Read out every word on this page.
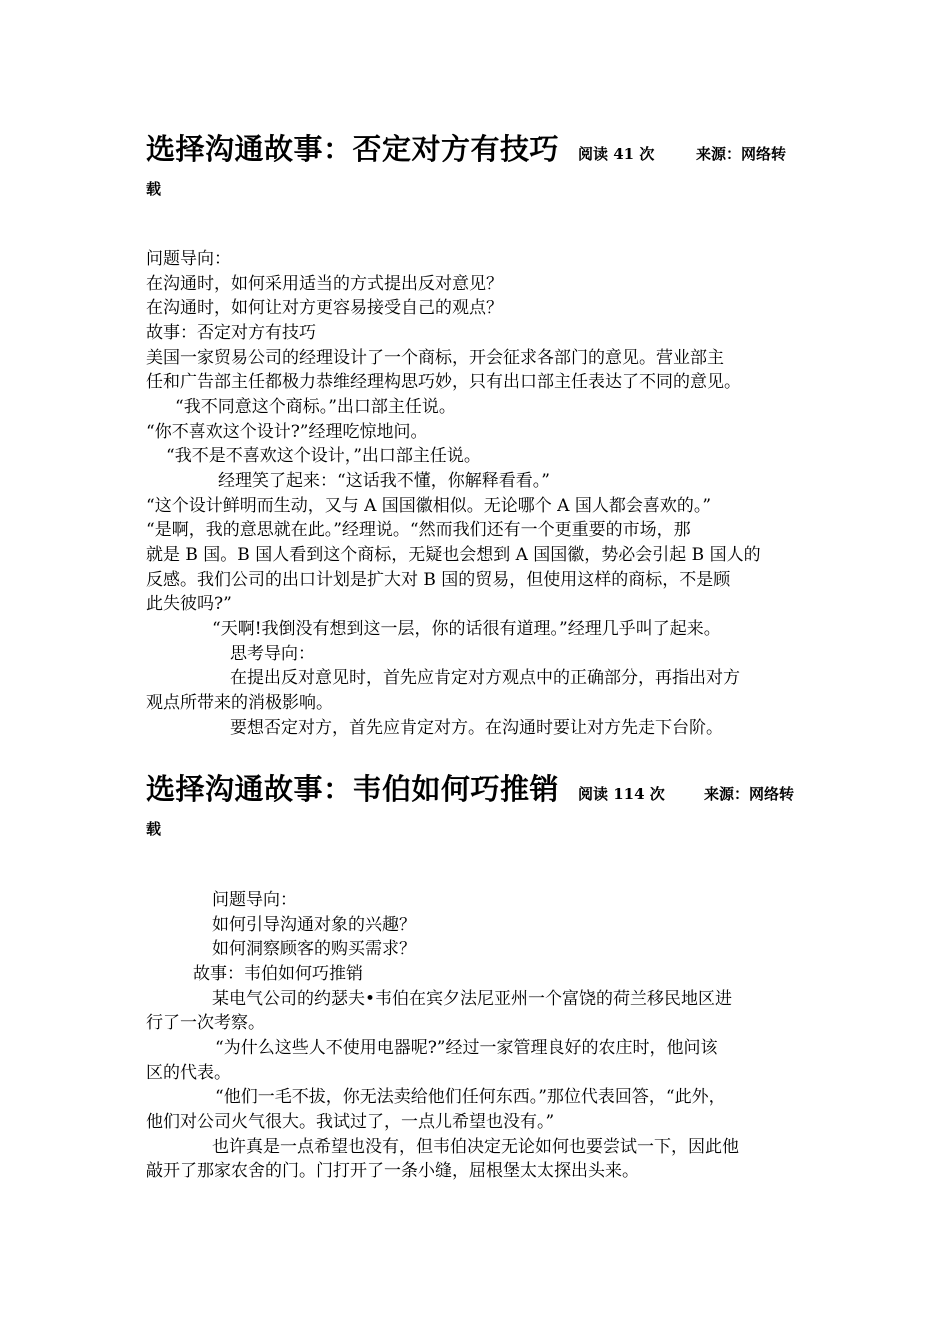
选择沟通故事：否定对方有技巧 阅读 41 次	来源：网络转
载

问题导向：

在沟通时，如何采用适当的方式提出反对意见？

在沟通时，如何让对方更容易接受自己的观点？

故事：否定对方有技巧

美国一家贸易公司的经理设计了一个商标，开会征求各部门的意见。营业部主

任和广告部主任都极力恭维经理构思巧妙，只有出口部主任表达了不同的意见。

“我不同意这个商标。”出口部主任说。

“你不喜欢这个设计?”经理吃惊地问。

“我不是不喜欢这个设计，”出口部主任说。

经理笑了起来：“这话我不懂，你解释看看。”

“这个设计鲜明而生动，又与 A 国国徽相似。无论哪个 A 国人都会喜欢的。”

“是啊，我的意思就在此。”经理说。“然而我们还有一个更重要的市场，那

就是 B 国。B 国人看到这个商标，无疑也会想到 A 国国徽，势必会引起 B 国人的

反感。我们公司的出口计划是扩大对 B 国的贸易，但使用这样的商标，不是顾

此失彼吗?”

“天啊!我倒没有想到这一层，你的话很有道理。”经理几乎叫了起来。

思考导向：

在提出反对意见时，首先应肯定对方观点中的正确部分，再指出对方

观点所带来的消极影响。

要想否定对方，首先应肯定对方。在沟通时要让对方先走下台阶。

选择沟通故事：韦伯如何巧推销 阅读 114 次	来源：网络转
载

问题导向：

如何引导沟通对象的兴趣？

如何洞察顾客的购买需求？

故事：韦伯如何巧推销

某电气公司的约瑟夫•韦伯在宾夕法尼亚州一个富饶的荷兰移民地区进

行了一次考察。

“为什么这些人不使用电器呢?”经过一家管理良好的农庄时，他问该

区的代表。

“他们一毛不拔，你无法卖给他们任何东西。”那位代表回答，“此外，

他们对公司火气很大。我试过了，一点儿希望也没有。”

也许真是一点希望也没有，但韦伯决定无论如何也要尝试一下，因此他

敲开了那家农舍的门。门打开了一条小缝，屈根堡太太探出头来。
